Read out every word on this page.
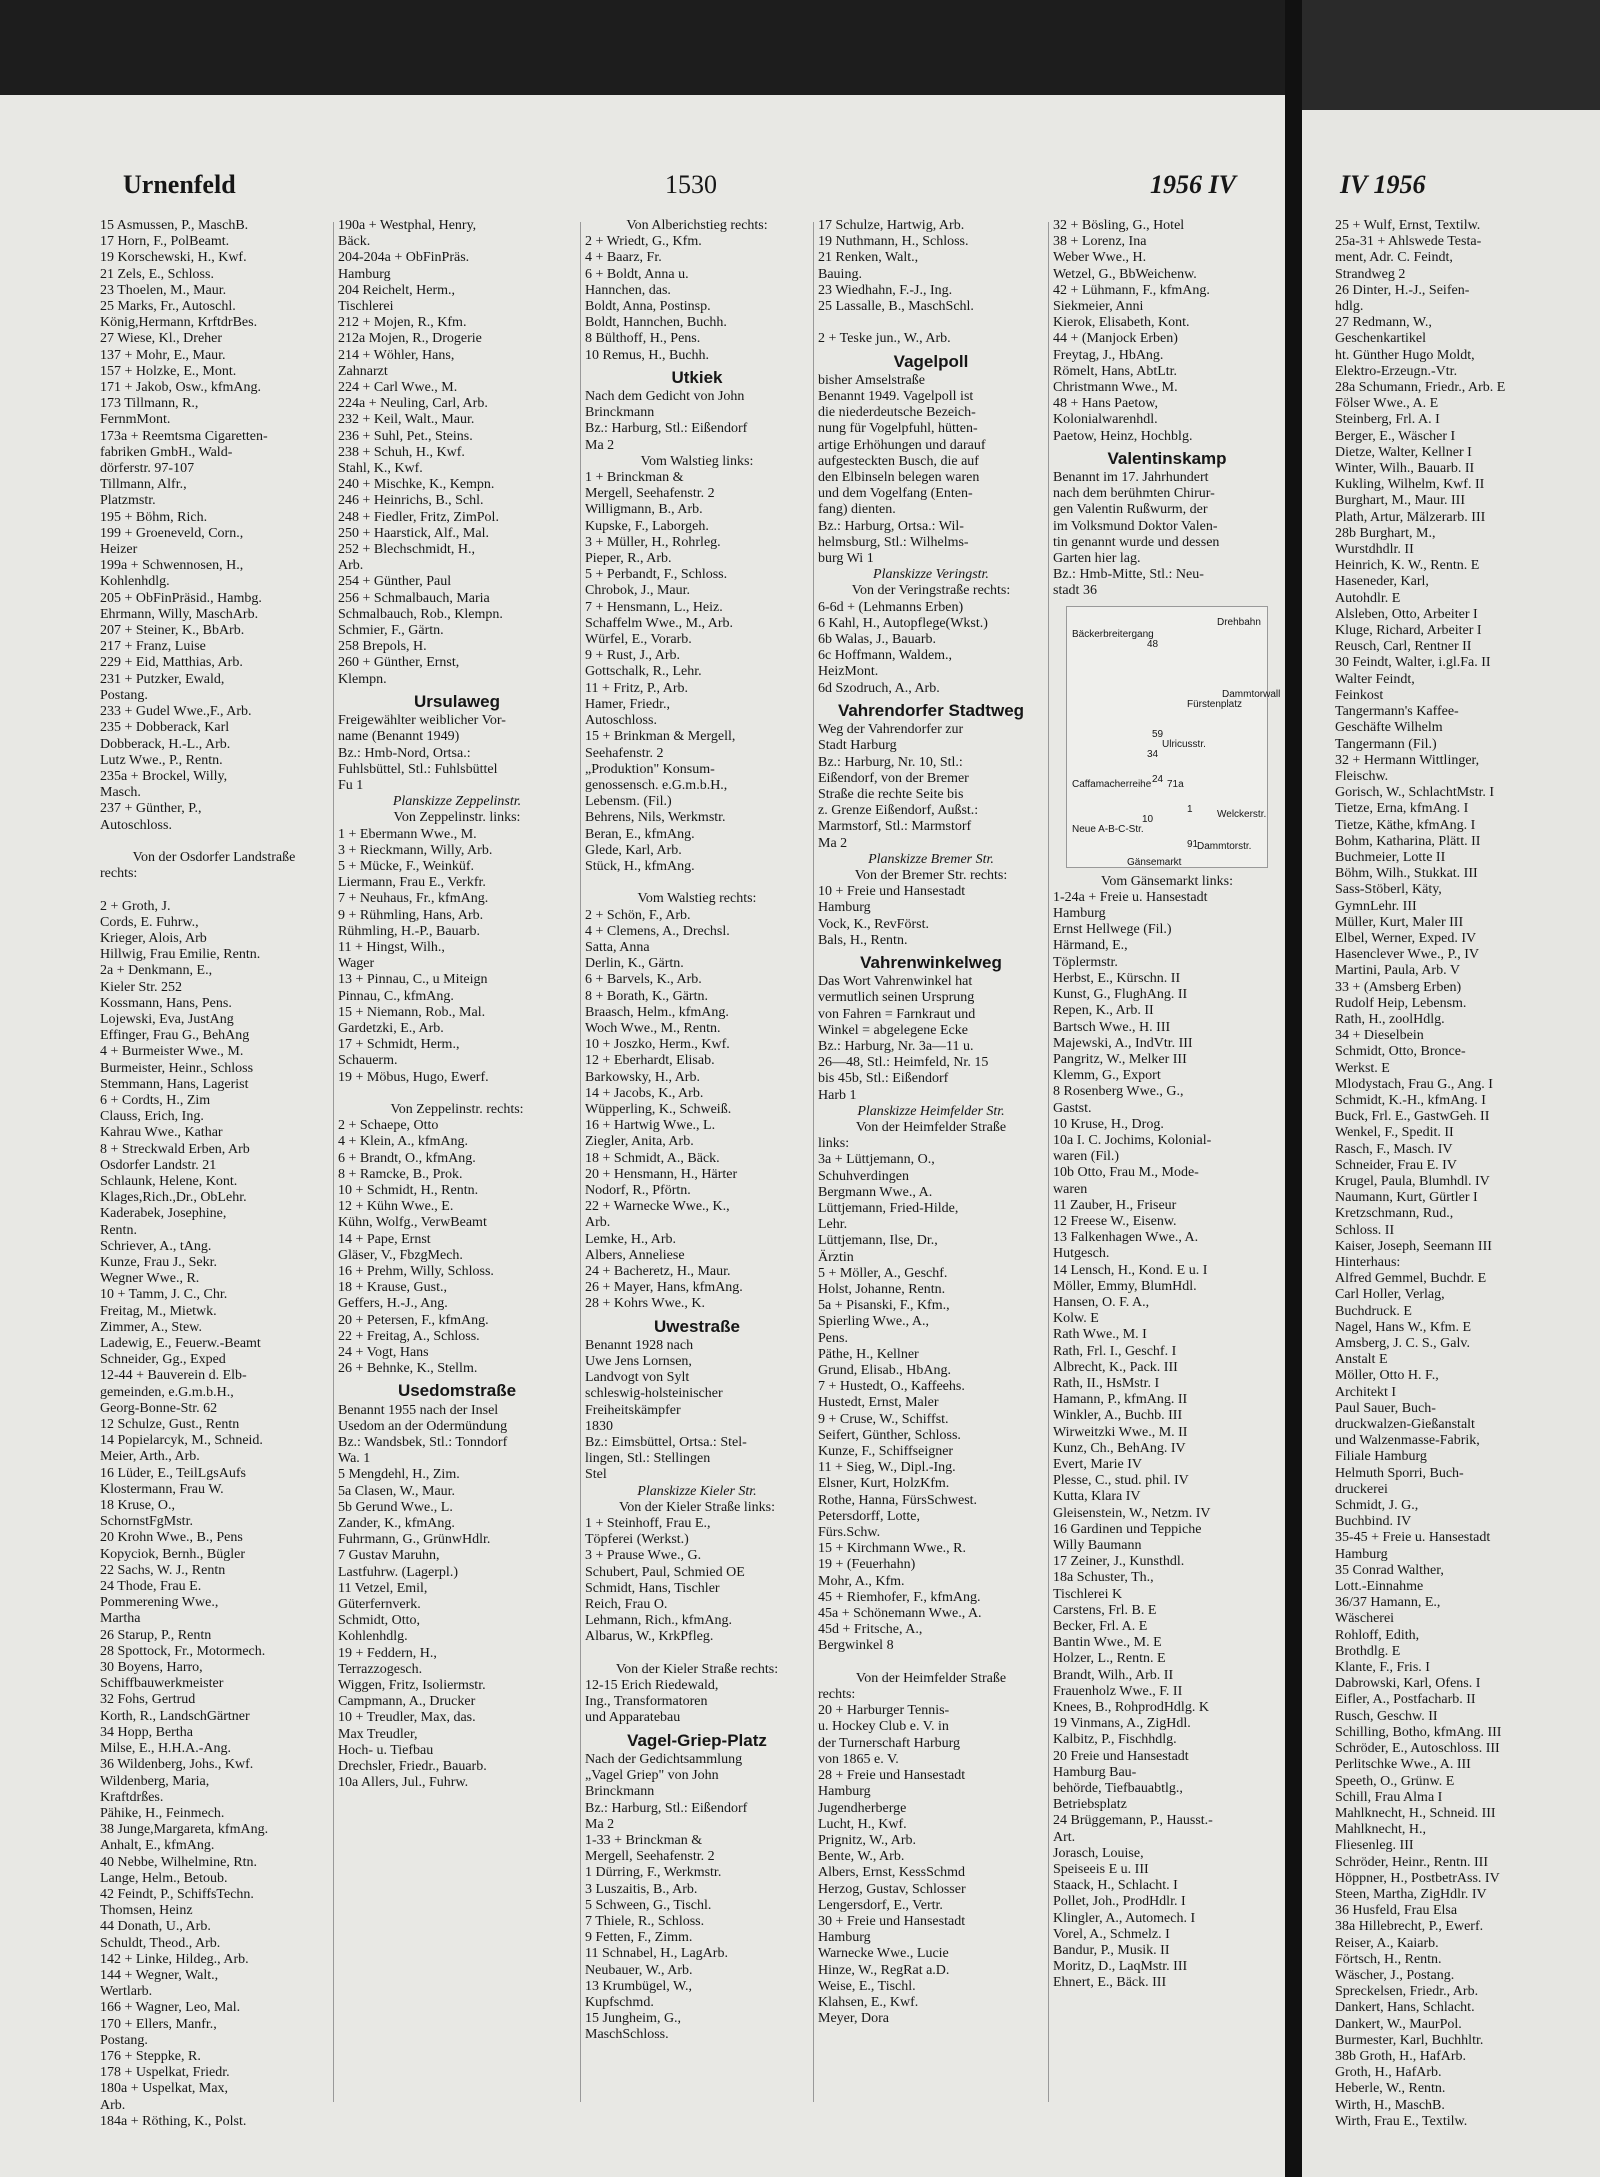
Urnenfeld	1530	1956 IV	IV 1956
15 Asmussen, P., MaschB.
17 Horn, F., PolBeamt.
19 Korschewski, H., Kwf.
21 Zels, E., Schloss.
23 Thoelen, M., Maur.
25 Marks, Fr., Autoschl.
König,Hermann, KrftdrBes.
27 Wiese, Kl., Dreher
137 + Mohr, E., Maur.
157 + Holzke, E., Mont.
171 + Jakob, Osw., kfmAng.
173 Tillmann, R.,
FernmMont.
173a + Reemtsma Cigaretten-
fabriken GmbH., Wald-
dörferstr. 97-107
Tillmann, Alfr.,
Platzmstr.
195 + Böhm, Rich.
199 + Groeneveld, Corn.,
Heizer
199a + Schwennosen, H.,
Kohlenhdlg.
205 + ObFinPräsid., Hambg.
Ehrmann, Willy, MaschArb.
207 + Steiner, K., BbArb.
217 + Franz, Luise
229 + Eid, Matthias, Arb.
231 + Putzker, Ewald,
Postang.
233 + Gudel Wwe.,F., Arb.
235 + Dobberack, Karl
Dobberack, H.-L., Arb.
Lutz Wwe., P., Rentn.
235a + Brockel, Willy,
Masch.
237 + Günther, P.,
Autoschloss.

Von der Osdorfer Landstraße
rechts:

2 + Groth, J.
Cords, E. Fuhrw.,
Krieger, Alois, Arb
Hillwig, Frau Emilie, Rentn.
2a + Denkmann, E.,
Kieler Str. 252
Kossmann, Hans, Pens.
Lojewski, Eva, JustAng
Effinger, Frau G., BehAng
4 + Burmeister Wwe., M.
Burmeister, Heinr., Schloss
Stemmann, Hans, Lagerist
6 + Cordts, H., Zim
Clauss, Erich, Ing.
Kahrau Wwe., Kathar
8 + Streckwald Erben, Arb
Osdorfer Landstr. 21
Schlaunk, Helene, Kont.
Klages,Rich.,Dr., ObLehr.
Kaderabek, Josephine,
Rentn.
Schriever, A., tAng.
Kunze, Frau J., Sekr.
Wegner Wwe., R.
10 + Tamm, J. C., Chr.
Freitag, M., Mietwk.
Zimmer, A., Stew.
Ladewig, E., Feuerw.-Beamt
Schneider, Gg., Exped
12-44 + Bauverein d. Elb-
gemeinden, e.G.m.b.H.,
Georg-Bonne-Str. 62
12 Schulze, Gust., Rentn
14 Popielarcyk, M., Schneid.
Meier, Arth., Arb.
16 Lüder, E., TeilLgsAufs
Klostermann, Frau W.
18 Kruse, O.,
SchornstFgMstr.
20 Krohn Wwe., B., Pens
Kopyciok, Bernh., Bügler
22 Sachs, W. J., Rentn
24 Thode, Frau E.
Pommerening Wwe.,
Martha
26 Starup, P., Rentn
28 Spottock, Fr., Motormech.
30 Boyens, Harro,
Schiffbauwerkmeister
32 Fohs, Gertrud
Korth, R., LandschGärtner
34 Hopp, Bertha
Milse, E., H.H.A.-Ang.
36 Wildenberg, Johs., Kwf.
Wildenberg, Maria,
Kraftdrßes.
Pähike, H., Feinmech.
38 Junge,Margareta, kfmAng.
Anhalt, E., kfmAng.
40 Nebbe, Wilhelmine, Rtn.
Lange, Helm., Betoub.
42 Feindt, P., SchiffsTechn.
Thomsen, Heinz
44 Donath, U., Arb.
Schuldt, Theod., Arb.
142 + Linke, Hildeg., Arb.
144 + Wegner, Walt.,
Wertlarb.
166 + Wagner, Leo, Mal.
170 + Ellers, Manfr.,
Postang.
176 + Steppke, R.
178 + Uspelkat, Friedr.
180a + Uspelkat, Max,
Arb.
184a + Röthing, K., Polst.
190a + Westphal, Henry,
Bäck.
204-204a + ObFinPräs.
Hamburg
204 Reichelt, Herm.,
Tischlerei
212 + Mojen, R., Kfm.
212a Mojen, R., Drogerie
214 + Wöhler, Hans,
Zahnarzt
224 + Carl Wwe., M.
224a + Neuling, Carl, Arb.
232 + Keil, Walt., Maur.
236 + Suhl, Pet., Steins.
238 + Schuh, H., Kwf.
Stahl, K., Kwf.
240 + Mischke, K., Kempn.
246 + Heinrichs, B., Schl.
248 + Fiedler, Fritz, ZimPol.
250 + Haarstick, Alf., Mal.
252 + Blechschmidt, H.,
Arb.
254 + Günther, Paul
256 + Schmalbauch, Maria
Schmalbauch, Rob., Klempn.
Schmier, F., Gärtn.
258 Brepols, H.
260 + Günther, Ernst,
Klempn.
Ursulaweg
Freigewählter weiblicher Vor-
name (Benannt 1949)
Bz.: Hmb-Nord, Ortsa.:
Fuhlsbüttel, Stl.: Fuhlsbüttel
Fu 1
Planskizze Zeppelinstr.
Von Zeppelinstr. links:
1 + Ebermann Wwe., M.
3 + Rieckmann, Willy, Arb.
5 + Mücke, F., Weinküf.
Liermann, Frau E., Verkfr.
7 + Neuhaus, Fr., kfmAng.
9 + Rühmling, Hans, Arb.
Rühmling, H.-P., Bauarb.
11 + Hingst, Wilh.,
Wager
13 + Pinnau, C., u Miteign
Pinnau, C., kfmAng.
15 + Niemann, Rob., Mal.
Gardetzki, E., Arb.
17 + Schmidt, Herm.,
Schauerm.
19 + Möbus, Hugo, Ewerf.

Von Zeppelinstr. rechts:
2 + Schaepe, Otto
4 + Klein, A., kfmAng.
6 + Brandt, O., kfmAng.
8 + Ramcke, B., Prok.
10 + Schmidt, H., Rentn.
12 + Kühn Wwe., E.
Kühn, Wolfg., VerwBeamt
14 + Pape, Ernst
Gläser, V., FbzgMech.
16 + Prehm, Willy, Schloss.
18 + Krause, Gust.,
Geffers, H.-J., Ang.
20 + Petersen, F., kfmAng.
22 + Freitag, A., Schloss.
24 + Vogt, Hans
26 + Behnke, K., Stellm.
Usedomstraße
Benannt 1955 nach der Insel
Usedom an der Odermündung
Bz.: Wandsbek, Stl.: Tonndorf
Wa. 1
5 Mengdehl, H., Zim.
5a Clasen, W., Maur.
5b Gerund Wwe., L.
Zander, K., kfmAng.
Fuhrmann, G., GrünwHdlr.
7 Gustav Maruhn,
Lastfuhrw. (Lagerpl.)
11 Vetzel, Emil,
Güterfernverk.
Schmidt, Otto,
Kohlenhdlg.
19 + Feddern, H.,
Terrazzogesch.
Wiggen, Fritz, Isoliermstr.
Campmann, A., Drucker
10 + Treudler, Max, das.
Max Treudler,
Hoch- u. Tiefbau
Drechsler, Friedr., Bauarb.
10a Allers, Jul., Fuhrw.
Von Alberichstieg rechts:
2 + Wriedt, G., Kfm.
4 + Baarz, Fr.
6 + Boldt, Anna u.
Hannchen, das.
Boldt, Anna, Postinsp.
Boldt, Hannchen, Buchh.
8 Bülthoff, H., Pens.
10 Remus, H., Buchh.
Utkiek
Nach dem Gedicht von John
Brinckmann
Bz.: Harburg, Stl.: Eißendorf
Ma 2
Vom Walstieg links:
1 + Brinckman &
Mergell, Seehafenstr. 2
Willigmann, B., Arb.
Kupske, F., Laborgeh.
3 + Müller, H., Rohrleg.
Pieper, R., Arb.
5 + Perbandt, F., Schloss.
Chrobok, J., Maur.
7 + Hensmann, L., Heiz.
Schaffelm Wwe., M., Arb.
Würfel, E., Vorarb.
9 + Rust, J., Arb.
Gottschalk, R., Lehr.
11 + Fritz, P., Arb.
Hamer, Friedr.,
Autoschloss.
15 + Brinkman & Mergell,
Seehafenstr. 2
„Produktion" Konsum-
genossensch. e.G.m.b.H.,
Lebensm. (Fil.)
Behrens, Nils, Werkmstr.
Beran, E., kfmAng.
Glede, Karl, Arb.
Stück, H., kfmAng.

Vom Walstieg rechts:
2 + Schön, F., Arb.
4 + Clemens, A., Drechsl.
Satta, Anna
Derlin, K., Gärtn.
6 + Barvels, K., Arb.
8 + Borath, K., Gärtn.
Braasch, Helm., kfmAng.
Woch Wwe., M., Rentn.
10 + Joszko, Herm., Kwf.
12 + Eberhardt, Elisab.
Barkowsky, H., Arb.
14 + Jacobs, K., Arb.
Wüpperling, K., Schweiß.
16 + Hartwig Wwe., L.
Ziegler, Anita, Arb.
18 + Schmidt, A., Bäck.
20 + Hensmann, H., Härter
Nodorf, R., Pförtn.
22 + Warnecke Wwe., K.,
Arb.
Lemke, H., Arb.
Albers, Anneliese
24 + Bacheretz, H., Maur.
26 + Mayer, Hans, kfmAng.
28 + Kohrs Wwe., K.
Uwestraße
Benannt 1928 nach
Uwe Jens Lornsen,
Landvogt von Sylt
schleswig-holsteinischer
Freiheitskämpfer
1830
Bz.: Eimsbüttel, Ortsa.: Stel-
lingen, Stl.: Stellingen
Stel
Planskizze Kieler Str.
Von der Kieler Straße links:
1 + Steinhoff, Frau E.,
Töpferei (Werkst.)
3 + Prause Wwe., G.
Schubert, Paul, Schmied OE
Schmidt, Hans, Tischler
Reich, Frau O.
Lehmann, Rich., kfmAng.
Albarus, W., KrkPfleg.

Von der Kieler Straße rechts:
12-15 Erich Riedewald,
Ing., Transformatoren
und Apparatebau
Vagel-Griep-Platz
Nach der Gedichtsammlung
„Vagel Griep" von John
Brinckmann
Bz.: Harburg, Stl.: Eißendorf
Ma 2
1-33 + Brinckman &
Mergell, Seehafenstr. 2
1 Dürring, F., Werkmstr.
3 Luszaitis, B., Arb.
5 Schween, G., Tischl.
7 Thiele, R., Schloss.
9 Fetten, F., Zimm.
11 Schnabel, H., LagArb.
Neubauer, W., Arb.
13 Krumbügel, W.,
Kupfschmd.
15 Jungheim, G.,
MaschSchloss.
17 Schulze, Hartwig, Arb.
19 Nuthmann, H., Schloss.
21 Renken, Walt.,
Bauing.
23 Wiedhahn, F.-J., Ing.
25 Lassalle, B., MaschSchl.

2 + Teske jun., W., Arb.
Vagelpoll
bisher Amselstraße
Benannt 1949. Vagelpoll ist
die niederdeutsche Bezeich-
nung für Vogelpfuhl, hütten-
artige Erhöhungen und darauf
aufgesteckten Busch, die auf
den Elbinseln belegen waren
und dem Vogelfang (Enten-
fang) dienten.
Bz.: Harburg, Ortsa.: Wil-
helmsburg, Stl.: Wilhelms-
burg Wi 1
Planskizze Veringstr.
Von der Veringstraße rechts:
6-6d + (Lehmanns Erben)
6 Kahl, H., Autopflege(Wkst.)
6b Walas, J., Bauarb.
6c Hoffmann, Waldem.,
HeizMont.
6d Szodruch, A., Arb.
Vahrendorfer Stadtweg
Weg der Vahrendorfer zur
Stadt Harburg
Bz.: Harburg, Nr. 10, Stl.:
Eißendorf, von der Bremer
Straße die rechte Seite bis
z. Grenze Eißendorf, Außst.:
Marmstorf, Stl.: Marmstorf
Ma 2
Planskizze Bremer Str.
Von der Bremer Str. rechts:
10 + Freie und Hansestadt
Hamburg
Vock, K., RevFörst.
Bals, H., Rentn.
Vahrenwinkelweg
Das Wort Vahrenwinkel hat
vermutlich seinen Ursprung
von Fahren = Farnkraut und
Winkel = abgelegene Ecke
Bz.: Harburg, Nr. 3a—11 u.
26—48, Stl.: Heimfeld, Nr. 15
bis 45b, Stl.: Eißendorf
Harb 1
Planskizze Heimfelder Str.
Von der Heimfelder Straße
links:
3a + Lüttjemann, O.,
Schuhverdingen
Bergmann Wwe., A.
Lüttjemann, Fried-Hilde,
Lehr.
Lüttjemann, Ilse, Dr.,
Ärztin
5 + Möller, A., Geschf.
Holst, Johanne, Rentn.
5a + Pisanski, F., Kfm.,
Spierling Wwe., A.,
Pens.
Päthe, H., Kellner
Grund, Elisab., HbAng.
7 + Hustedt, O., Kaffeehs.
Hustedt, Ernst, Maler
9 + Cruse, W., Schiffst.
Seifert, Günther, Schloss.
Kunze, F., Schiffseigner
11 + Sieg, W., Dipl.-Ing.
Elsner, Kurt, HolzKfm.
Rothe, Hanna, FürsSchwest.
Petersdorff, Lotte,
Fürs.Schw.
15 + Kirchmann Wwe., R.
19 + (Feuerhahn)
Mohr, A., Kfm.
45 + Riemhofer, F., kfmAng.
45a + Schönemann Wwe., A.
45d + Fritsche, A.,
Bergwinkel 8

Von der Heimfelder Straße
rechts:
20 + Harburger Tennis-
u. Hockey Club e. V. in
der Turnerschaft Harburg
von 1865 e. V.
28 + Freie und Hansestadt
Hamburg
Jugendherberge
Lucht, H., Kwf.
Prignitz, W., Arb.
Bente, W., Arb.
Albers, Ernst, KessSchmd
Herzog, Gustav, Schlosser
Lengersdorf, E., Vertr.
30 + Freie und Hansestadt
Hamburg
Warnecke Wwe., Lucie
Hinze, W., RegRat a.D.
Weise, E., Tischl.
Klahsen, E., Kwf.
Meyer, Dora
32 + Bösling, G., Hotel
38 + Lorenz, Ina
Weber Wwe., H.
Wetzel, G., BbWeichenw.
42 + Lühmann, F., kfmAng.
Siekmeier, Anni
Kierok, Elisabeth, Kont.
44 + (Manjock Erben)
Freytag, J., HbAng.
Römelt, Hans, AbtLtr.
Christmann Wwe., M.
48 + Hans Paetow,
Kolonialwarenhdl.
Paetow, Heinz, Hochblg.
Valentinskamp
Benannt im 17. Jahrhundert
nach dem berühmten Chirur-
gen Valentin Rußwurm, der
im Volksmund Doktor Valen-
tin genannt wurde und dessen
Garten hier lag.
Bz.: Hmb-Mitte, Stl.: Neu-
stadt 36
Bäckerbreitergang
Drehbahn
Dammtorwall
Fürstenplatz
Ulricusstr.
Caffamacherreihe
Neue A-B-C-Str.
Gänsemarkt
Dammtorstr.
Welckerstr.
48
59
34
71a
24
10
91
1
Vom Gänsemarkt links:
1-24a + Freie u. Hansestadt
Hamburg
Ernst Hellwege (Fil.)
Härmand, E.,
Töplermstr.
Herbst, E., Kürschn. II
Kunst, G., FlughAng. II
Repen, K., Arb. II
Bartsch Wwe., H. III
Majewski, A., IndVtr. III
Pangritz, W., Melker III
Klemm, G., Export
8 Rosenberg Wwe., G.,
Gastst.
10 Kruse, H., Drog.
10a I. C. Jochims, Kolonial-
waren (Fil.)
10b Otto, Frau M., Mode-
waren
11 Zauber, H., Friseur
12 Freese W., Eisenw.
13 Falkenhagen Wwe., A.
Hutgesch.
14 Lensch, H., Kond. E u. I
Möller, Emmy, BlumHdl.
Hansen, O. F. A.,
Kolw. E
Rath Wwe., M. I
Rath, Frl. I., Geschf. I
Albrecht, K., Pack. III
Rath, II., HsMstr. I
Hamann, P., kfmAng. II
Winkler, A., Buchb. III
Wirweitzki Wwe., M. II
Kunz, Ch., BehAng. IV
Evert, Marie IV
Plesse, C., stud. phil. IV
Kutta, Klara IV
Gleisenstein, W., Netzm. IV
16 Gardinen und Teppiche
Willy Baumann
17 Zeiner, J., Kunsthdl.
18a Schuster, Th.,
Tischlerei K
Carstens, Frl. B. E
Becker, Frl. A. E
Bantin Wwe., M. E
Holzer, L., Rentn. E
Brandt, Wilh., Arb. II
Frauenholz Wwe., F. II
Knees, B., RohprodHdlg. K
19 Vinmans, A., ZigHdl.
Kalbitz, P., Fischhdlg.
20 Freie und Hansestadt
Hamburg Bau-
behörde, Tiefbauabtlg.,
Betriebsplatz
24 Brüggemann, P., Hausst.-
Art.
Jorasch, Louise,
Speiseeis E u. III
Staack, H., Schlacht. I
Pollet, Joh., ProdHdlr. I
Klingler, A., Automech. I
Vorel, A., Schmelz. I
Bandur, P., Musik. II
Moritz, D., LaqMstr. III
Ehnert, E., Bäck. III
25 + Wulf, Ernst, Textilw.
25a-31 + Ahlswede Testa-
ment, Adr. C. Feindt,
Strandweg 2
26 Dinter, H.-J., Seifen-
hdlg.
27 Redmann, W.,
Geschenkartikel
ht. Günther Hugo Moldt,
Elektro-Erzeugn.-Vtr.
28a Schumann, Friedr., Arb. E
Fölser Wwe., A. E
Steinberg, Frl. A. I
Berger, E., Wäscher I
Dietze, Walter, Kellner I
Winter, Wilh., Bauarb. II
Kukling, Wilhelm, Kwf. II
Burghart, M., Maur. III
Plath, Artur, Mälzerarb. III
28b Burghart, M.,
Wurstdhdlr. II
Heinrich, K. W., Rentn. E
Haseneder, Karl,
Autohdlr. E
Alsleben, Otto, Arbeiter I
Kluge, Richard, Arbeiter I
Reusch, Carl, Rentner II
30 Feindt, Walter, i.gl.Fa. II
Walter Feindt,
Feinkost
Tangermann's Kaffee-
Geschäfte Wilhelm
Tangermann (Fil.)
32 + Hermann Wittlinger,
Fleischw.
Gorisch, W., SchlachtMstr. I
Tietze, Erna, kfmAng. I
Tietze, Käthe, kfmAng. I
Bohm, Katharina, Plätt. II
Buchmeier, Lotte II
Böhm, Wilh., Stukkat. III
Sass-Stöberl, Käty,
GymnLehr. III
Müller, Kurt, Maler III
Elbel, Werner, Exped. IV
Hasenclever Wwe., P., IV
Martini, Paula, Arb. V
33 + (Amsberg Erben)
Rudolf Heip, Lebensm.
Rath, H., zoolHdlg.
34 + Dieselbein
Schmidt, Otto, Bronce-
Werkst. E
Mlodystach, Frau G., Ang. I
Schmidt, K.-H., kfmAng. I
Buck, Frl. E., GastwGeh. II
Wenkel, F., Spedit. II
Rasch, F., Masch. IV
Schneider, Frau E. IV
Krugel, Paula, Blumhdl. IV
Naumann, Kurt, Gürtler I
Kretzschmann, Rud.,
Schloss. II
Kaiser, Joseph, Seemann III
Hinterhaus:
Alfred Gemmel, Buchdr. E
Carl Holler, Verlag,
Buchdruck. E
Nagel, Hans W., Kfm. E
Amsberg, J. C. S., Galv.
Anstalt E
Möller, Otto H. F.,
Architekt I
Paul Sauer, Buch-
druckwalzen-Gießanstalt
und Walzenmasse-Fabrik,
Filiale Hamburg
Helmuth Sporri, Buch-
druckerei
Schmidt, J. G.,
Buchbind. IV
35-45 + Freie u. Hansestadt
Hamburg
35 Conrad Walther,
Lott.-Einnahme
36/37 Hamann, E.,
Wäscherei
Rohloff, Edith,
Brothdlg. E
Klante, F., Fris. I
Dabrowski, Karl, Ofens. I
Eifler, A., Postfacharb. II
Rusch, Geschw. II
Schilling, Botho, kfmAng. III
Schröder, E., Autoschloss. III
Perlitschke Wwe., A. III
Speeth, O., Grünw. E
Schill, Frau Alma I
Mahlknecht, H., Schneid. III
Mahlknecht, H.,
Fliesenleg. III
Schröder, Heinr., Rentn. III
Höppner, H., PostbetrAss. IV
Steen, Martha, ZigHdlr. IV
36 Husfeld, Frau Elsa
38a Hillebrecht, P., Ewerf.
Reiser, A., Kaiarb.
Förtsch, H., Rentn.
Wäscher, J., Postang.
Spreckelsen, Friedr., Arb.
Dankert, Hans, Schlacht.
Dankert, W., MaurPol.
Burmester, Karl, Buchhltr.
38b Groth, H., HafArb.
Groth, H., HafArb.
Heberle, W., Rentn.
Wirth, H., MaschB.
Wirth, Frau E., Textilw.
